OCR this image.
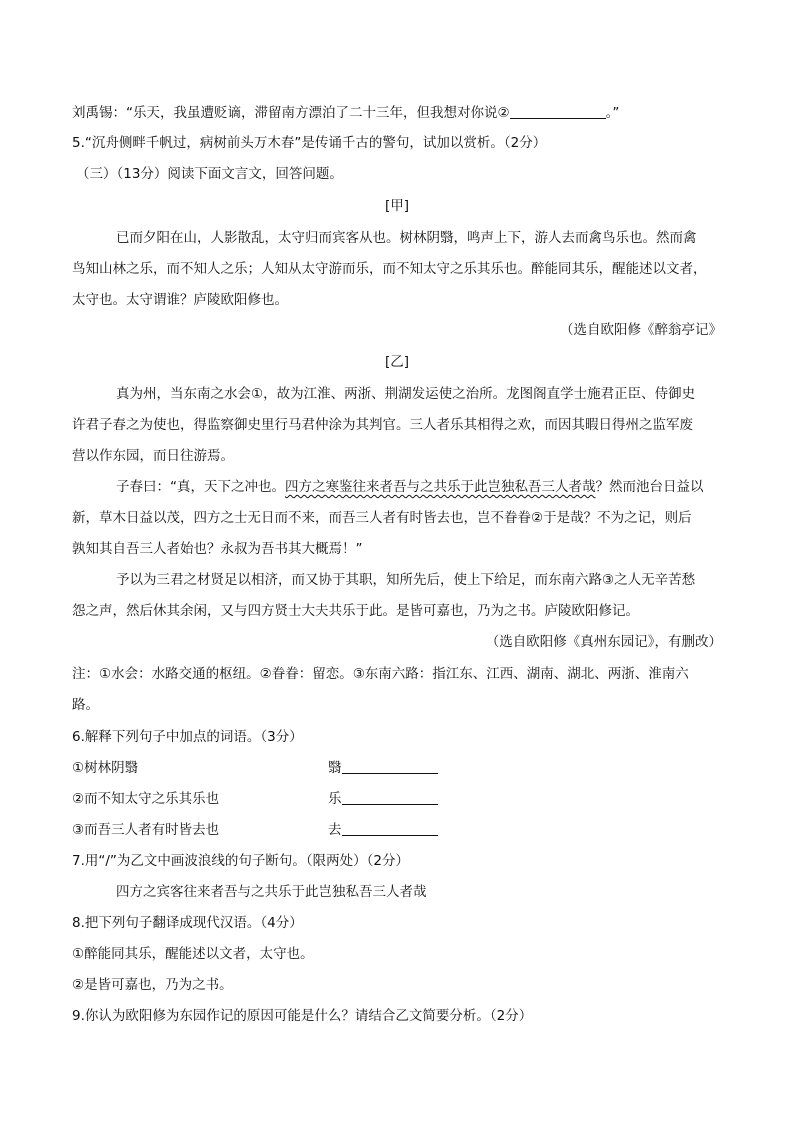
刘禹锡：“乐天，我虽遭贬谪，滞留南方漂泊了二十三年，但我想对你说②	。”
5.“沉舟侧畔千帆过，病树前头万木春”是传诵千古的警句，试加以赏析。（2分）
（三）（13分）阅读下面文言文，回答问题。
[甲]
已而夕阳在山，人影散乱，太守归而宾客从也。树林阴翳，鸣声上下，游人去而禽鸟乐也。然而禽
鸟知山林之乐，而不知人之乐；人知从太守游而乐，而不知太守之乐其乐也。醉能同其乐，醒能述以文者，
太守也。太守谓谁？庐陵欧阳修也。
（选自欧阳修《醉翁亭记》
[乙]
真为州，当东南之水会①，故为江淮、两浙、荆湖发运使之治所。龙图阁直学士施君正臣、侍御史
许君子春之为使也，得监察御史里行马君仲涂为其判官。三人者乐其相得之欢，而因其暇日得州之监军废
营以作东园，而日往游焉。
子春曰：“真，天下之冲也。四方之寒鉴往来者吾与之共乐于此岂独私吾三人者哉？然而池台日益以
新，草木日益以茂，四方之士无日而不来，而吾三人者有时皆去也，岂不眷眷②于是哉？不为之记，则后
孰知其自吾三人者始也？永叔为吾书其大概焉！”
予以为三君之材贤足以相济，而又协于其职，知所先后，使上下给足，而东南六路③之人无辛苦愁
怨之声，然后休其余闲，又与四方贤士大夫共乐于此。是皆可嘉也，乃为之书。庐陵欧阳修记。
（选自欧阳修《真州东园记》，有删改）
注：①水会：水路交通的枢纽。②眷眷：留恋。③东南六路：指江东、江西、湖南、湖北、两浙、淮南六
路。
6.解释下列句子中加点的词语。（3分）
①树林阴翳	翳
②而不知太守之乐其乐也	乐
③而吾三人者有时皆去也	去
7.用“/”为乙文中画波浪线的句子断句。（限两处）（2分）
四方之宾客往来者吾与之共乐于此岂独私吾三人者哉
8.把下列句子翻译成现代汉语。（4分）
①醉能同其乐，醒能述以文者，太守也。
②是皆可嘉也，乃为之书。
9.你认为欧阳修为东园作记的原因可能是什么？请结合乙文简要分析。（2分）
